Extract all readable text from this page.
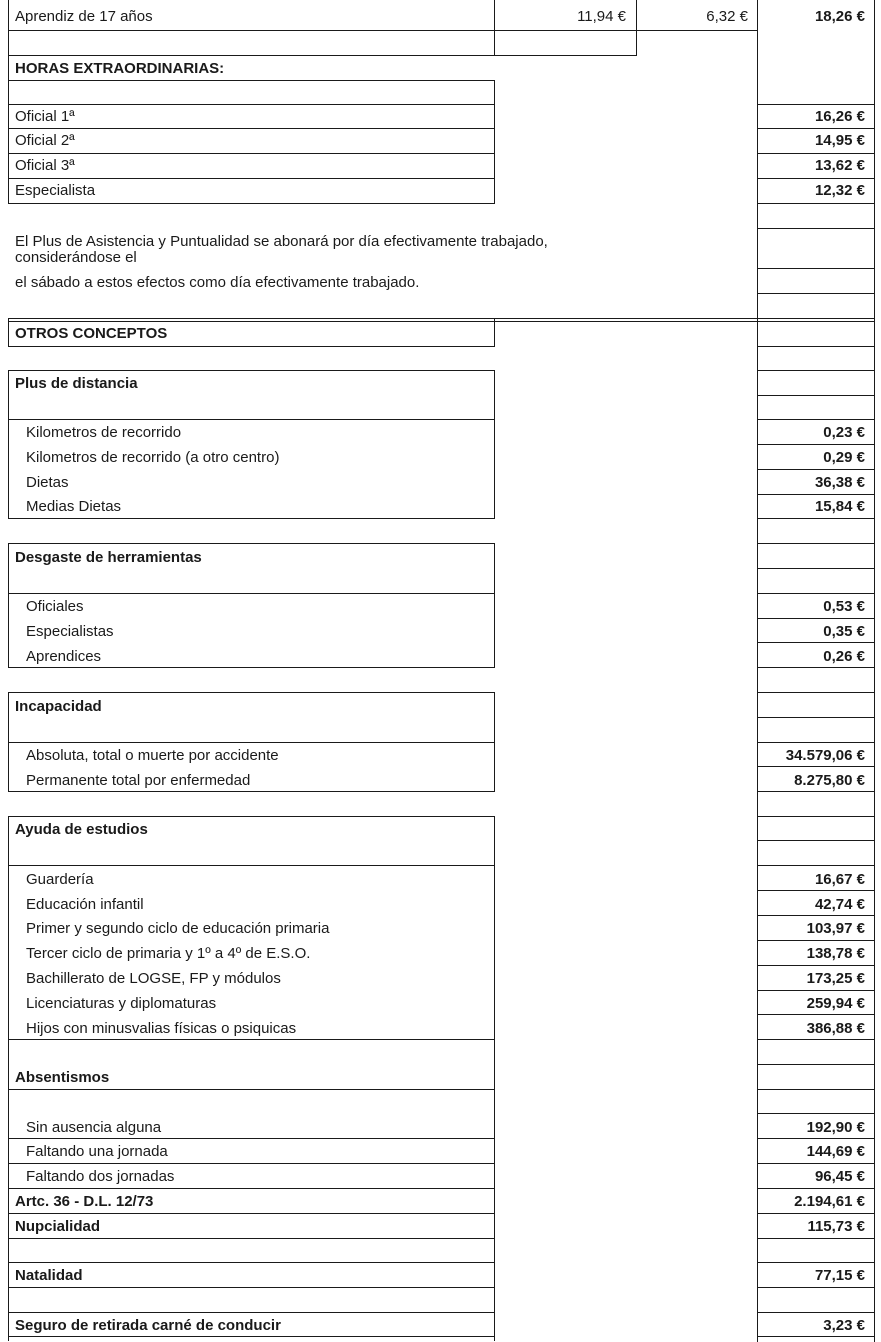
Aprendiz de 17 años	11,94 €	6,32 €	18,26 €
HORAS EXTRAORDINARIAS:
Oficial 1ª	16,26 €
Oficial 2ª	14,95 €
Oficial 3ª	13,62 €
Especialista	12,32 €
El Plus de Asistencia y Puntualidad se abonará por día efectivamente trabajado,
considerándose el
el sábado a estos efectos como día efectivamente trabajado.
OTROS CONCEPTOS
Plus de distancia
Kilometros de recorrido	0,23 €
Kilometros de recorrido (a otro centro)	0,29 €
Dietas	36,38 €
Medias Dietas	15,84 €
Desgaste de herramientas
Oficiales	0,53 €
Especialistas	0,35 €
Aprendices	0,26 €
Incapacidad
Absoluta, total o muerte por accidente	34.579,06 €
Permanente total por enfermedad	8.275,80 €
Ayuda de estudios
Guardería	16,67 €
Educación infantil	42,74 €
Primer y segundo ciclo de educación primaria	103,97 €
Tercer ciclo de primaria y 1º a 4º de E.S.O.	138,78 €
Bachillerato de LOGSE, FP y módulos	173,25 €
Licenciaturas y diplomaturas	259,94 €
Hijos con minusvalias físicas o psiquicas	386,88 €
Absentismos
Sin ausencia alguna	192,90 €
Faltando una jornada	144,69 €
Faltando dos jornadas	96,45 €
Artc. 36 - D.L. 12/73	2.194,61 €
Nupcialidad	115,73 €
Natalidad	77,15 €
Seguro de retirada carné de conducir	3,23 €
